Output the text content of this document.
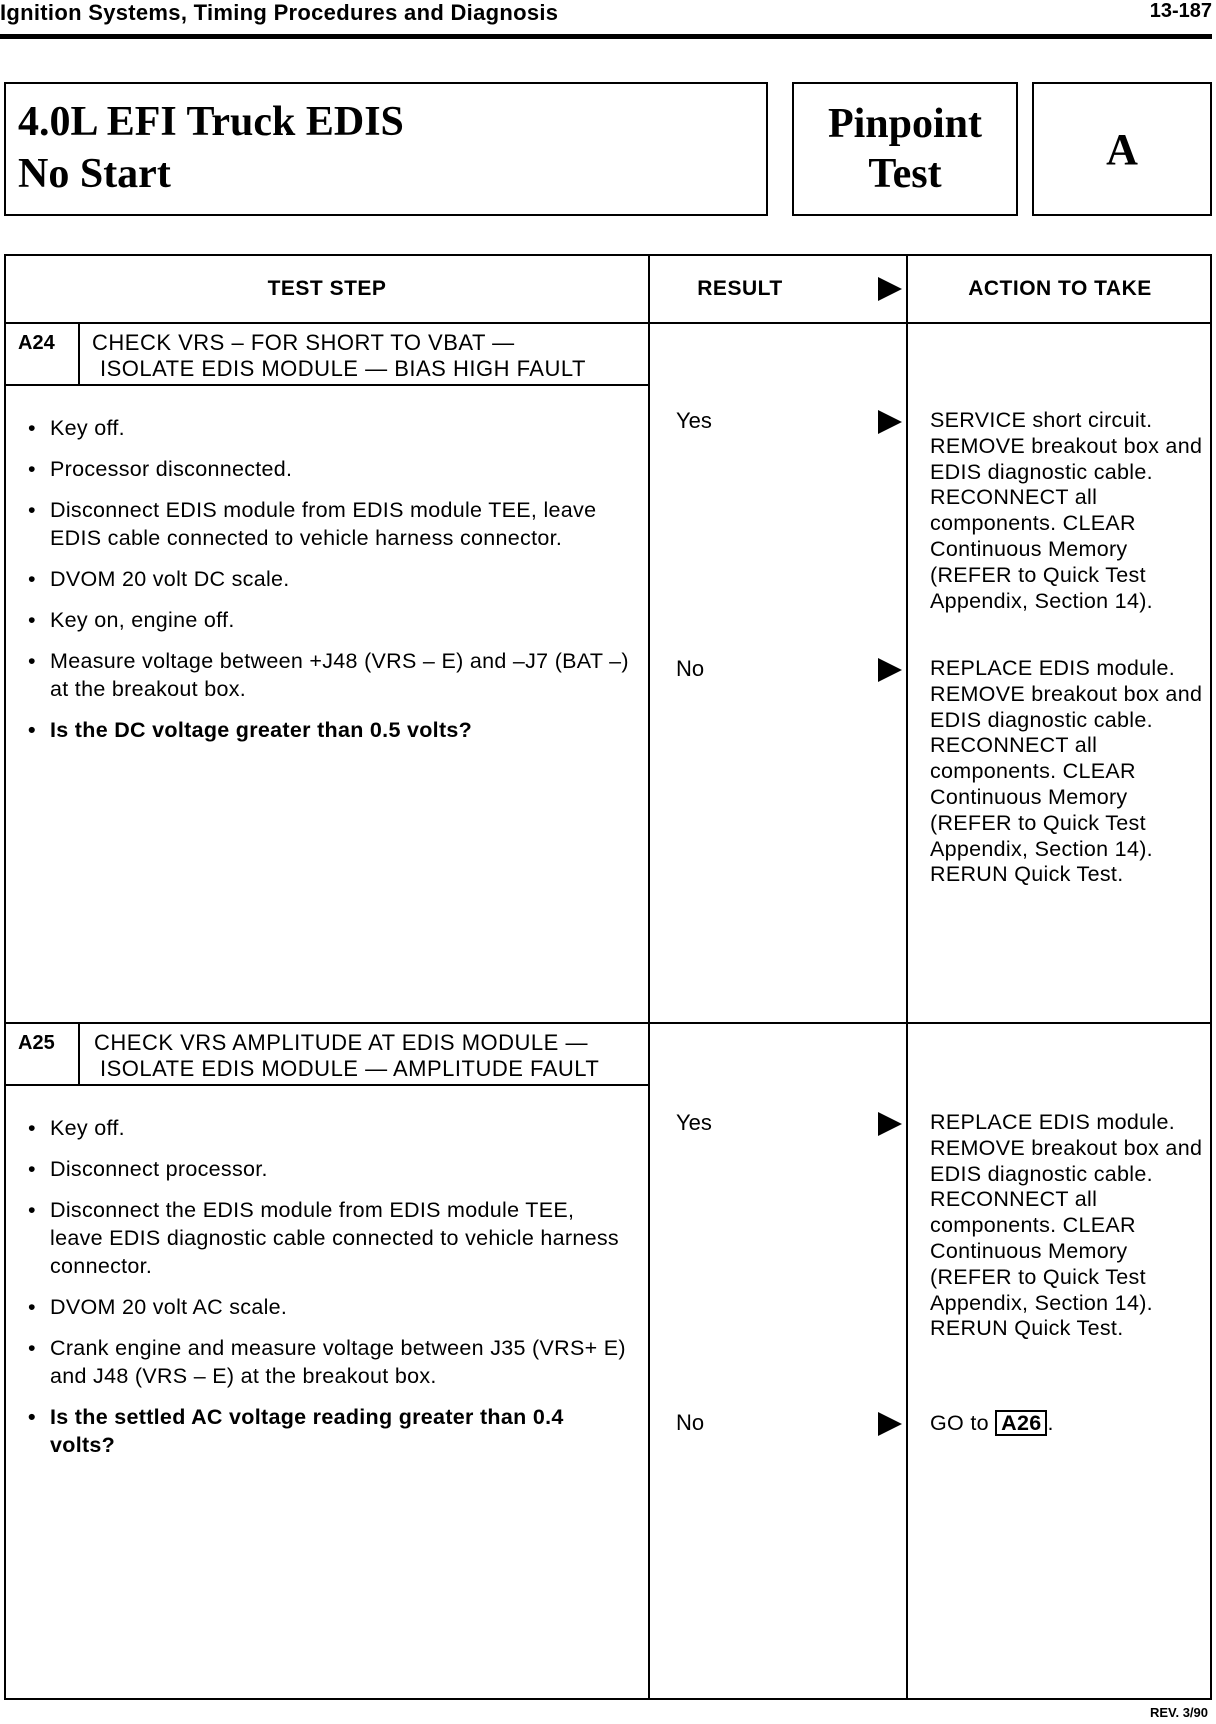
Ignition Systems, Timing Procedures and Diagnosis	13-187
4.0L EFI Truck EDIS
No Start
Pinpoint
Test
A
TEST STEP	RESULT	ACTION TO TAKE
A24 CHECK VRS – FOR SHORT TO VBAT —
ISOLATE EDIS MODULE — BIAS HIGH FAULT
• Key off.
• Processor disconnected.
• Disconnect EDIS module from EDIS module TEE, leave EDIS cable connected to vehicle harness connector.
• DVOM 20 volt DC scale.
• Key on, engine off.
• Measure voltage between +J48 (VRS – E) and –J7 (BAT –) at the breakout box.
• Is the DC voltage greater than 0.5 volts?
Yes	SERVICE short circuit. REMOVE breakout box and EDIS diagnostic cable. RECONNECT all components. CLEAR Continuous Memory (REFER to Quick Test Appendix, Section 14).
No	REPLACE EDIS module. REMOVE breakout box and EDIS diagnostic cable. RECONNECT all components. CLEAR Continuous Memory (REFER to Quick Test Appendix, Section 14). RERUN Quick Test.
A25 CHECK VRS AMPLITUDE AT EDIS MODULE —
ISOLATE EDIS MODULE — AMPLITUDE FAULT
• Key off.
• Disconnect processor.
• Disconnect the EDIS module from EDIS module TEE, leave EDIS diagnostic cable connected to vehicle harness connector.
• DVOM 20 volt AC scale.
• Crank engine and measure voltage between J35 (VRS+ E) and J48 (VRS – E) at the breakout box.
• Is the settled AC voltage reading greater than 0.4 volts?
Yes	REPLACE EDIS module. REMOVE breakout box and EDIS diagnostic cable. RECONNECT all components. CLEAR Continuous Memory (REFER to Quick Test Appendix, Section 14). RERUN Quick Test.
No	GO to A26 .
REV. 3/90
